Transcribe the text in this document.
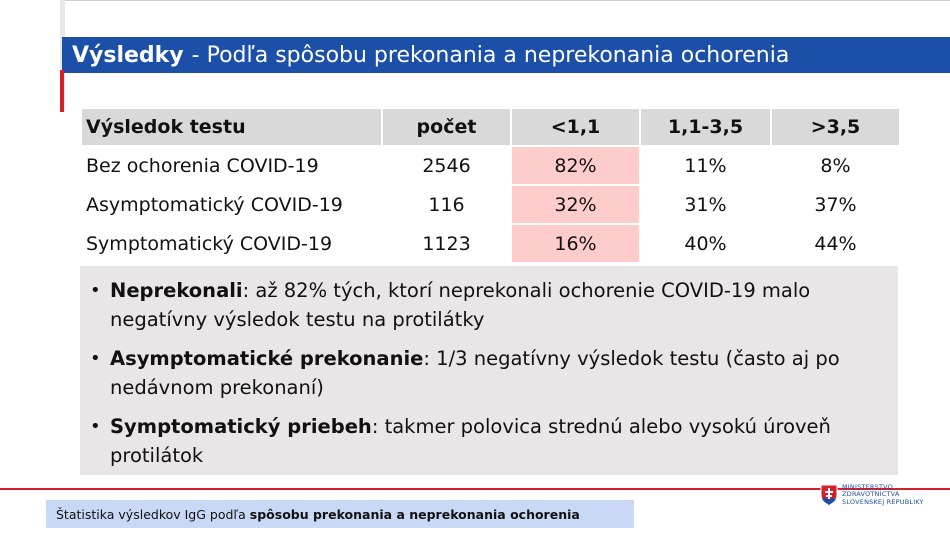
Výsledky - Podľa spôsobu prekonania a neprekonania ochorenia
Výsledok testu	počet	<1,1	1,1-3,5	>3,5
Bez ochorenia COVID-19	2546	82%	11%	8%
Asymptomatický COVID-19	116	32%	31%	37%
Symptomatický COVID-19	1123	16%	40%	44%
• Neprekonali: až 82% tých, ktorí neprekonali ochorenie COVID-19 malo negatívny výsledok testu na protilátky
• Asymptomatické prekonanie: 1/3 negatívny výsledok testu (často aj po nedávnom prekonaní)
• Symptomatický priebeh: takmer polovica strednú alebo vysokú úroveň protilátok
MINISTERSTVO
ZDRAVOTNÍCTVA
SLOVENSKEJ REPUBLIKY
Štatistika výsledkov IgG podľa spôsobu prekonania a neprekonania ochorenia
